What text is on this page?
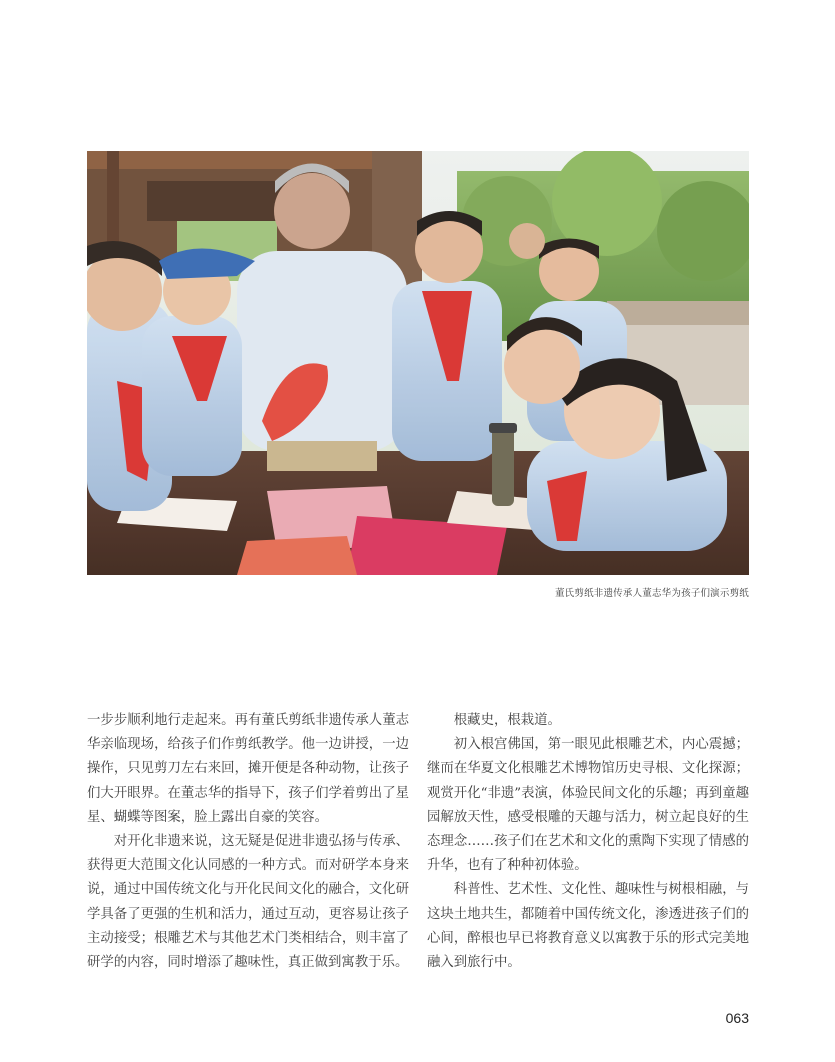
董氏剪纸非遗传承人董志华为孩子们演示剪纸

一步步顺利地行走起来。再有董氏剪纸非遗传承人董志华亲临现场，给孩子们作剪纸教学。他一边讲授，一边操作，只见剪刀左右来回，摊开便是各种动物，让孩子们大开眼界。在董志华的指导下，孩子们学着剪出了星星、蝴蝶等图案，脸上露出自豪的笑容。

对开化非遗来说，这无疑是促进非遗弘扬与传承、获得更大范围文化认同感的一种方式。而对研学本身来说，通过中国传统文化与开化民间文化的融合，文化研学具备了更强的生机和活力，通过互动，更容易让孩子主动接受；根雕艺术与其他艺术门类相结合，则丰富了研学的内容，同时增添了趣味性，真正做到寓教于乐。

根藏史，根栽道。

初入根宫佛国，第一眼见此根雕艺术，内心震撼；继而在华夏文化根雕艺术博物馆历史寻根、文化探源；观赏开化“非遗”表演，体验民间文化的乐趣；再到童趣园解放天性，感受根雕的天趣与活力，树立起良好的生态理念……孩子们在艺术和文化的熏陶下实现了情感的升华，也有了种种初体验。

科普性、艺术性、文化性、趣味性与树根相融，与这块土地共生，都随着中国传统文化，渗透进孩子们的心间，醉根也早已将教育意义以寓教于乐的形式完美地融入到旅行中。

063
